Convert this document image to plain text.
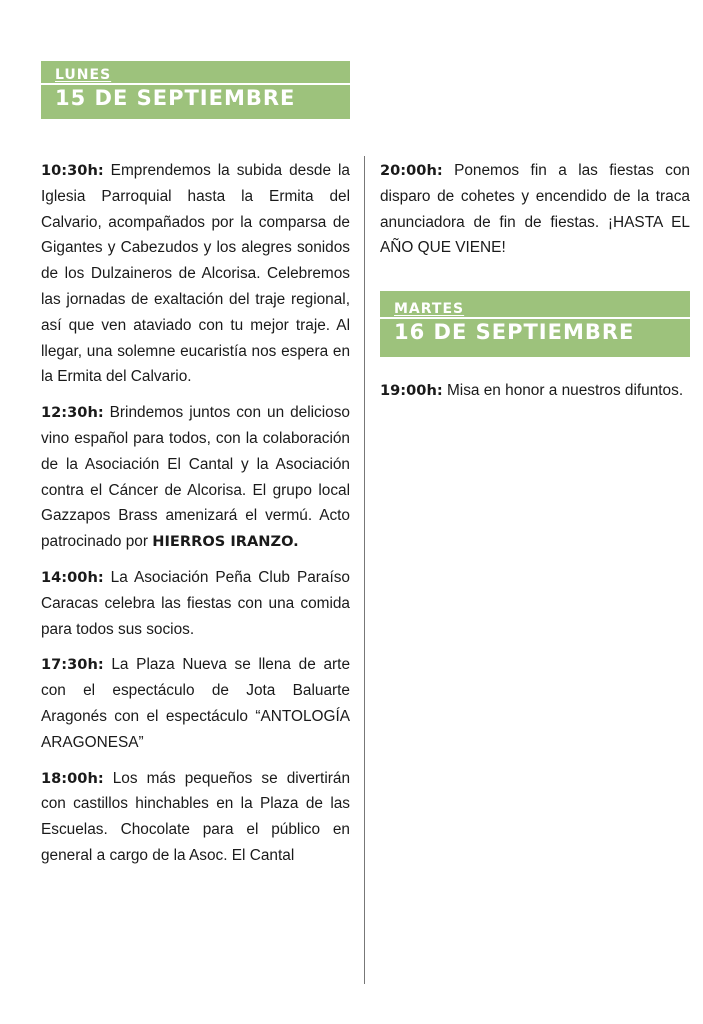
LUNES
15 DE SEPTIEMBRE

10:30h: Emprendemos la subida desde la Iglesia Parroquial hasta la Ermita del Calvario, acompañados por la comparsa de Gigantes y Cabezudos y los alegres sonidos de los Dulzaineros de Alcorisa. Celebremos las jornadas de exaltación del traje regional, así que ven ataviado con tu mejor traje. Al llegar, una solemne eucaristía nos espera en la Ermita del Calvario.

12:30h: Brindemos juntos con un delicioso vino español para todos, con la colaboración de la Asociación El Cantal y la Asociación contra el Cáncer de Alcorisa. El grupo local Gazzapos Brass amenizará el vermú. Acto patrocinado por HIERROS IRANZO.

14:00h: La Asociación Peña Club Paraíso Caracas celebra las fiestas con una comida para todos sus socios.

17:30h: La Plaza Nueva se llena de arte con el espectáculo de Jota Baluarte Aragonés con el espectáculo “ANTOLOGÍA ARAGONESA”

18:00h: Los más pequeños se divertirán con castillos hinchables en la Plaza de las Escuelas. Chocolate para el público en general a cargo de la Asoc. El Cantal

20:00h: Ponemos fin a las fiestas con disparo de cohetes y encendido de la traca anunciadora de fin de fiestas. ¡HASTA EL AÑO QUE VIENE!

MARTES
16 DE SEPTIEMBRE

19:00h: Misa en honor a nuestros difuntos.
